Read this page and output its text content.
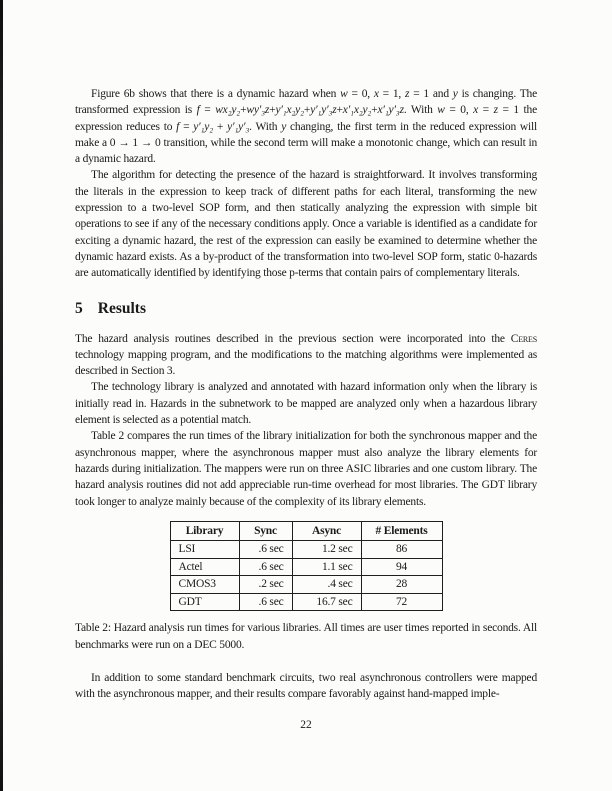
Figure 6b shows that there is a dynamic hazard when w = 0, x = 1, z = 1 and y is changing. The transformed expression is f = wx₂y₂+wy′₃z+y′₁x₂y₂+y′₁y′₃z+x′₁x₂y₂+x′₁y′₃z. With w = 0, x = z = 1 the expression reduces to f = y′₁y₂ + y′₁y′₃. With y changing, the first term in the reduced expression will make a 0 → 1 → 0 transition, while the second term will make a monotonic change, which can result in a dynamic hazard.

The algorithm for detecting the presence of the hazard is straightforward. It involves transforming the literals in the expression to keep track of different paths for each literal, transforming the new expression to a two-level SOP form, and then statically analyzing the expression with simple bit operations to see if any of the necessary conditions apply. Once a variable is identified as a candidate for exciting a dynamic hazard, the rest of the expression can easily be examined to determine whether the dynamic hazard exists. As a by-product of the transformation into two-level SOP form, static 0-hazards are automatically identified by identifying those p-terms that contain pairs of complementary literals.

5 Results

The hazard analysis routines described in the previous section were incorporated into the Ceres technology mapping program, and the modifications to the matching algorithms were implemented as described in Section 3.

The technology library is analyzed and annotated with hazard information only when the library is initially read in. Hazards in the subnetwork to be mapped are analyzed only when a hazardous library element is selected as a potential match.

Table 2 compares the run times of the library initialization for both the synchronous mapper and the asynchronous mapper, where the asynchronous mapper must also analyze the library elements for hazards during initialization. The mappers were run on three ASIC libraries and one custom library. The hazard analysis routines did not add appreciable run-time overhead for most libraries. The GDT library took longer to analyze mainly because of the complexity of its library elements.

Library	Sync	Async	# Elements
LSI	.6 sec	1.2 sec	86
Actel	.6 sec	1.1 sec	94
CMOS3	.2 sec	.4 sec	28
GDT	.6 sec	16.7 sec	72

Table 2: Hazard analysis run times for various libraries. All times are user times reported in seconds. All benchmarks were run on a DEC 5000.

In addition to some standard benchmark circuits, two real asynchronous controllers were mapped with the asynchronous mapper, and their results compare favorably against hand-mapped imple-

22
